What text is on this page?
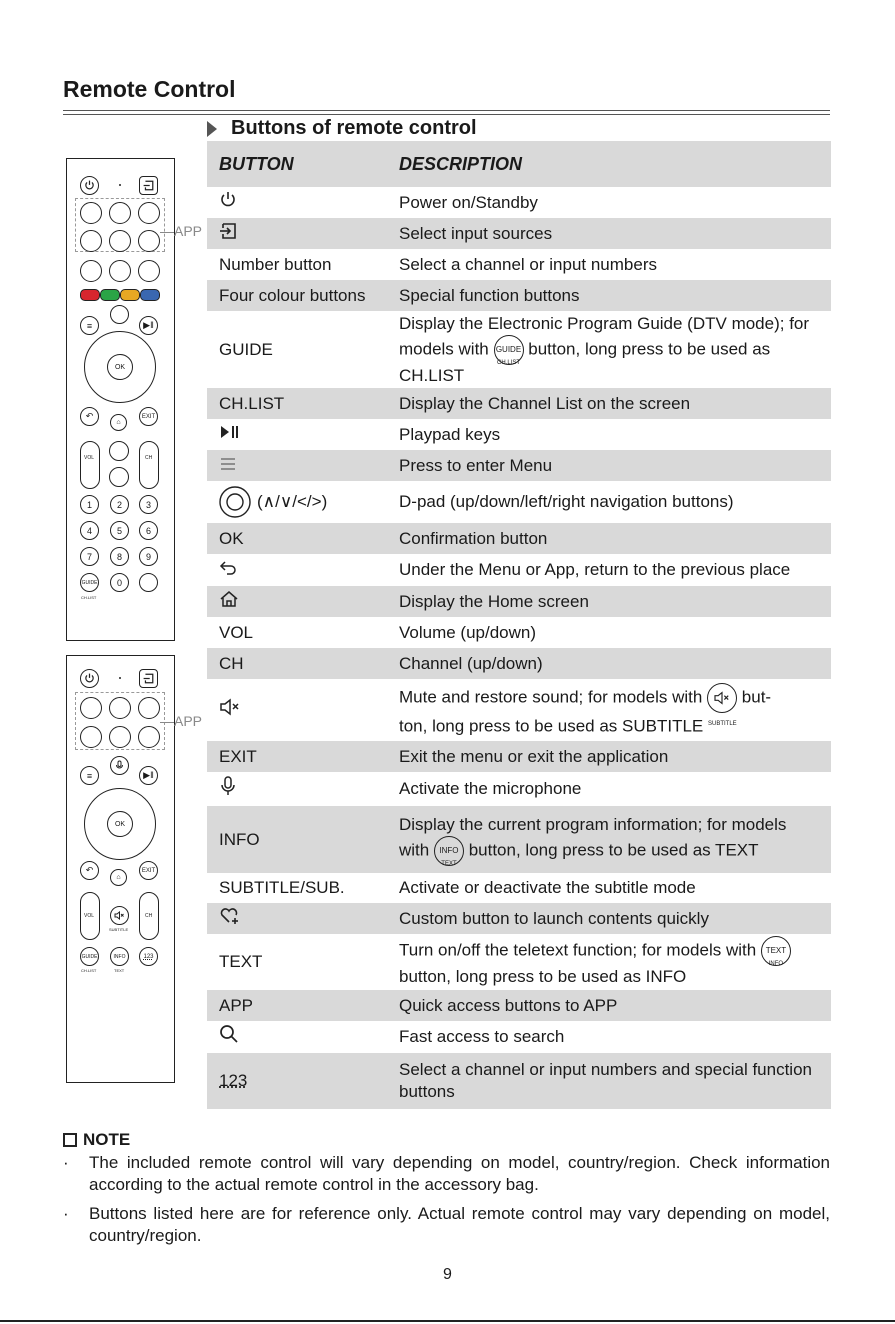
Remote Control
Buttons of remote control
BUTTON	DESCRIPTION
	Power on/Standby
	Select input sources
Number button	Select a channel or input numbers
Four colour buttons	Special function buttons
GUIDE	Display the Electronic Program Guide (DTV mode); for models with GUIDE
CH.LIST
button, long press to be used as CH.LIST
CH.LIST	Display the Channel List on the screen
	Playpad keys
	Press to enter Menu

(∧/∨/</>)	D-pad (up/down/left/right navigation buttons)
OK	Confirmation button
	Under the Menu or App, return to the previous place
	Display the Home screen
VOL	Volume (up/down)
CH	Channel (up/down)
	Mute and restore sound; for models with but-
ton, long press to be used as SUBTITLE $^{SUBTITLE}$
EXIT	Exit the menu or exit the application
	Activate the microphone
INFO	Display the current program information; for models
with INFO
TEXT
button, long press to be used as TEXT
SUBTITLE/SUB.	Activate or deactivate the subtitle mode
	Custom button to launch contents quickly
TEXT	Turn on/off the teletext function; for models with TEXT
INFO

button, long press to be used as INFO
APP	Quick access buttons to APP
	Fast access to search
123	Select a channel or input numbers and special function buttons
≡	▶ǁ
OK
↶
⌂
EXIT
VOL	CH
1	2	3
4	5	6
7	8	9
GUIDE	0
CH.LIST
APP
≡	▶ǁ
OK
↶
⌂
EXIT
VOL
SUBTITLE
CH
GUIDE	INFO	123
CH.LIST	TEXT
APP
NOTE
·	The included remote control will vary depending on model, country/region. Check information according to the actual remote control in the accessory bag.
·	Buttons listed here are for reference only. Actual remote control may vary depending on model, country/region.
9
